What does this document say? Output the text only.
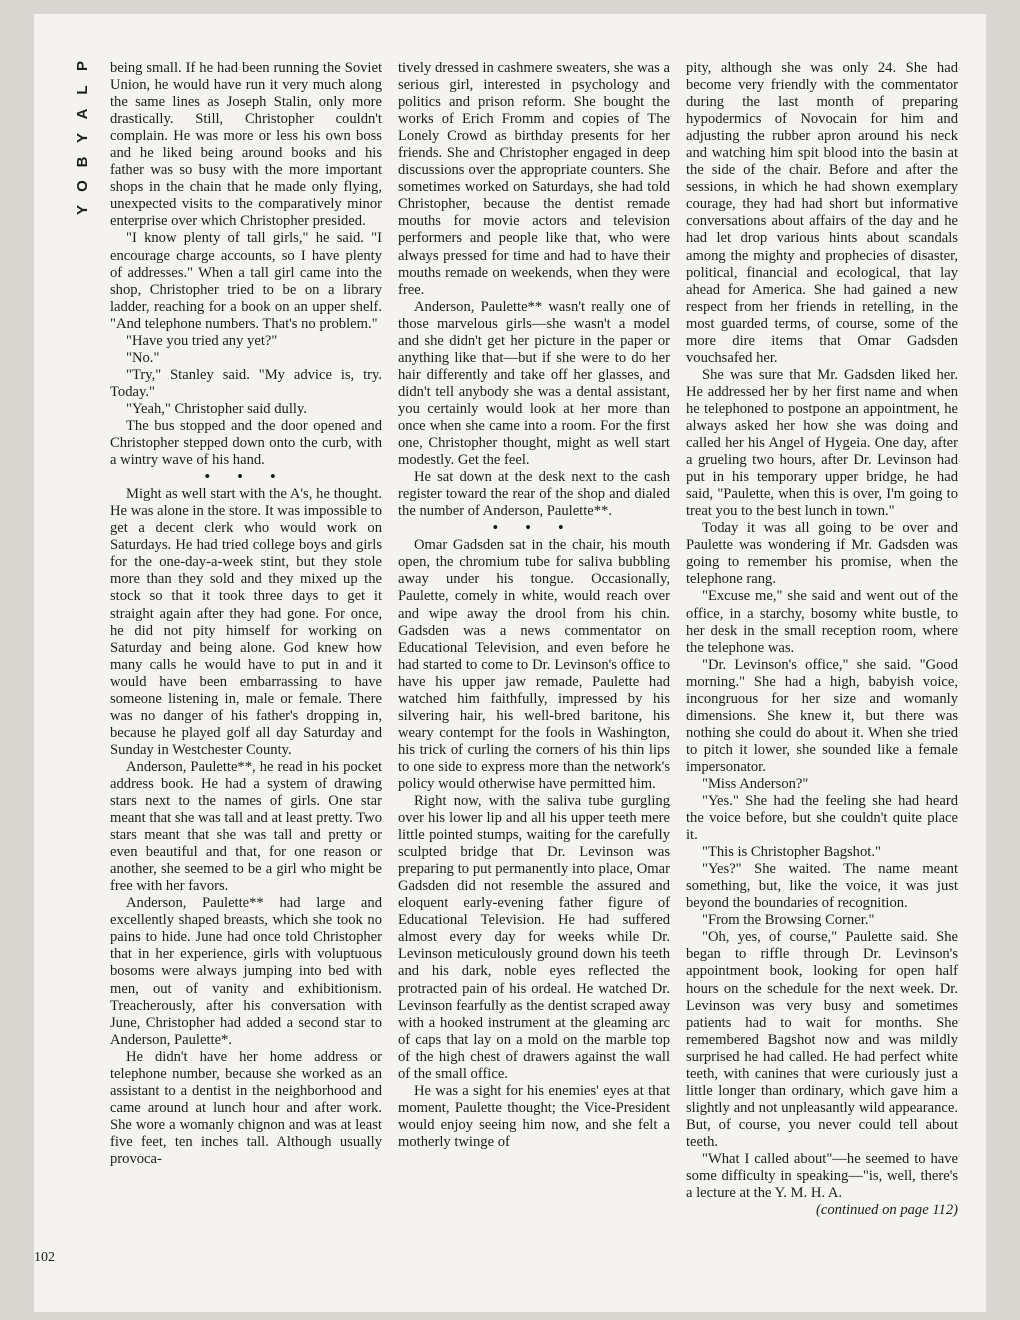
P
L
A
Y
B
O
Y

being small. If he had been running the Soviet Union, he would have run it very much along the same lines as Joseph Stalin, only more drastically. Still, Christopher couldn't complain. He was more or less his own boss and he liked being around books and his father was so busy with the more important shops in the chain that he made only flying, unexpected visits to the comparatively minor enterprise over which Christopher presided.

"I know plenty of tall girls," he said. "I encourage charge accounts, so I have plenty of addresses." When a tall girl came into the shop, Christopher tried to be on a library ladder, reaching for a book on an upper shelf. "And telephone numbers. That's no problem."

"Have you tried any yet?"

"No."

"Try," Stanley said. "My advice is, try. Today."

"Yeah," Christopher said dully.

The bus stopped and the door opened and Christopher stepped down onto the curb, with a wintry wave of his hand.

• • •

Might as well start with the A's, he thought. He was alone in the store. It was impossible to get a decent clerk who would work on Saturdays. He had tried college boys and girls for the one-day-a-week stint, but they stole more than they sold and they mixed up the stock so that it took three days to get it straight again after they had gone. For once, he did not pity himself for working on Saturday and being alone. God knew how many calls he would have to put in and it would have been embarrassing to have someone listening in, male or female. There was no danger of his father's dropping in, because he played golf all day Saturday and Sunday in Westchester County.

Anderson, Paulette**, he read in his pocket address book. He had a system of drawing stars next to the names of girls. One star meant that she was tall and at least pretty. Two stars meant that she was tall and pretty or even beautiful and that, for one reason or another, she seemed to be a girl who might be free with her favors.

Anderson, Paulette** had large and excellently shaped breasts, which she took no pains to hide. June had once told Christopher that in her experience, girls with voluptuous bosoms were always jumping into bed with men, out of vanity and exhibitionism. Treacherously, after his conversation with June, Christopher had added a second star to Anderson, Paulette*.

He didn't have her home address or telephone number, because she worked as an assistant to a dentist in the neighborhood and came around at lunch hour and after work. She wore a womanly chignon and was at least five feet, ten inches tall. Although usually provoca-

tively dressed in cashmere sweaters, she was a serious girl, interested in psychology and politics and prison reform. She bought the works of Erich Fromm and copies of The Lonely Crowd as birthday presents for her friends. She and Christopher engaged in deep discussions over the appropriate counters. She sometimes worked on Saturdays, she had told Christopher, because the dentist remade mouths for movie actors and television performers and people like that, who were always pressed for time and had to have their mouths remade on weekends, when they were free.

Anderson, Paulette** wasn't really one of those marvelous girls—she wasn't a model and she didn't get her picture in the paper or anything like that—but if she were to do her hair differently and take off her glasses, and didn't tell anybody she was a dental assistant, you certainly would look at her more than once when she came into a room. For the first one, Christopher thought, might as well start modestly. Get the feel.

He sat down at the desk next to the cash register toward the rear of the shop and dialed the number of Anderson, Paulette**.

• • •

Omar Gadsden sat in the chair, his mouth open, the chromium tube for saliva bubbling away under his tongue. Occasionally, Paulette, comely in white, would reach over and wipe away the drool from his chin. Gadsden was a news commentator on Educational Television, and even before he had started to come to Dr. Levinson's office to have his upper jaw remade, Paulette had watched him faithfully, impressed by his silvering hair, his well-bred baritone, his weary contempt for the fools in Washington, his trick of curling the corners of his thin lips to one side to express more than the network's policy would otherwise have permitted him.

Right now, with the saliva tube gurgling over his lower lip and all his upper teeth mere little pointed stumps, waiting for the carefully sculpted bridge that Dr. Levinson was preparing to put permanently into place, Omar Gadsden did not resemble the assured and eloquent early-evening father figure of Educational Television. He had suffered almost every day for weeks while Dr. Levinson meticulously ground down his teeth and his dark, noble eyes reflected the protracted pain of his ordeal. He watched Dr. Levinson fearfully as the dentist scraped away with a hooked instrument at the gleaming arc of caps that lay on a mold on the marble top of the high chest of drawers against the wall of the small office.

He was a sight for his enemies' eyes at that moment, Paulette thought; the Vice-President would enjoy seeing him now, and she felt a motherly twinge of

pity, although she was only 24. She had become very friendly with the commentator during the last month of preparing hypodermics of Novocain for him and adjusting the rubber apron around his neck and watching him spit blood into the basin at the side of the chair. Before and after the sessions, in which he had shown exemplary courage, they had had short but informative conversations about affairs of the day and he had let drop various hints about scandals among the mighty and prophecies of disaster, political, financial and ecological, that lay ahead for America. She had gained a new respect from her friends in retelling, in the most guarded terms, of course, some of the more dire items that Omar Gadsden vouchsafed her.

She was sure that Mr. Gadsden liked her. He addressed her by her first name and when he telephoned to postpone an appointment, he always asked her how she was doing and called her his Angel of Hygeia. One day, after a grueling two hours, after Dr. Levinson had put in his temporary upper bridge, he had said, "Paulette, when this is over, I'm going to treat you to the best lunch in town."

Today it was all going to be over and Paulette was wondering if Mr. Gadsden was going to remember his promise, when the telephone rang.

"Excuse me," she said and went out of the office, in a starchy, bosomy white bustle, to her desk in the small reception room, where the telephone was.

"Dr. Levinson's office," she said. "Good morning." She had a high, babyish voice, incongruous for her size and womanly dimensions. She knew it, but there was nothing she could do about it. When she tried to pitch it lower, she sounded like a female impersonator.

"Miss Anderson?"

"Yes." She had the feeling she had heard the voice before, but she couldn't quite place it.

"This is Christopher Bagshot."

"Yes?" She waited. The name meant something, but, like the voice, it was just beyond the boundaries of recognition.

"From the Browsing Corner."

"Oh, yes, of course," Paulette said. She began to riffle through Dr. Levinson's appointment book, looking for open half hours on the schedule for the next week. Dr. Levinson was very busy and sometimes patients had to wait for months. She remembered Bagshot now and was mildly surprised he had called. He had perfect white teeth, with canines that were curiously just a little longer than ordinary, which gave him a slightly and not unpleasantly wild appearance. But, of course, you never could tell about teeth.

"What I called about"—he seemed to have some difficulty in speaking—"is, well, there's a lecture at the Y. M. H. A.

(continued on page 112)

102
